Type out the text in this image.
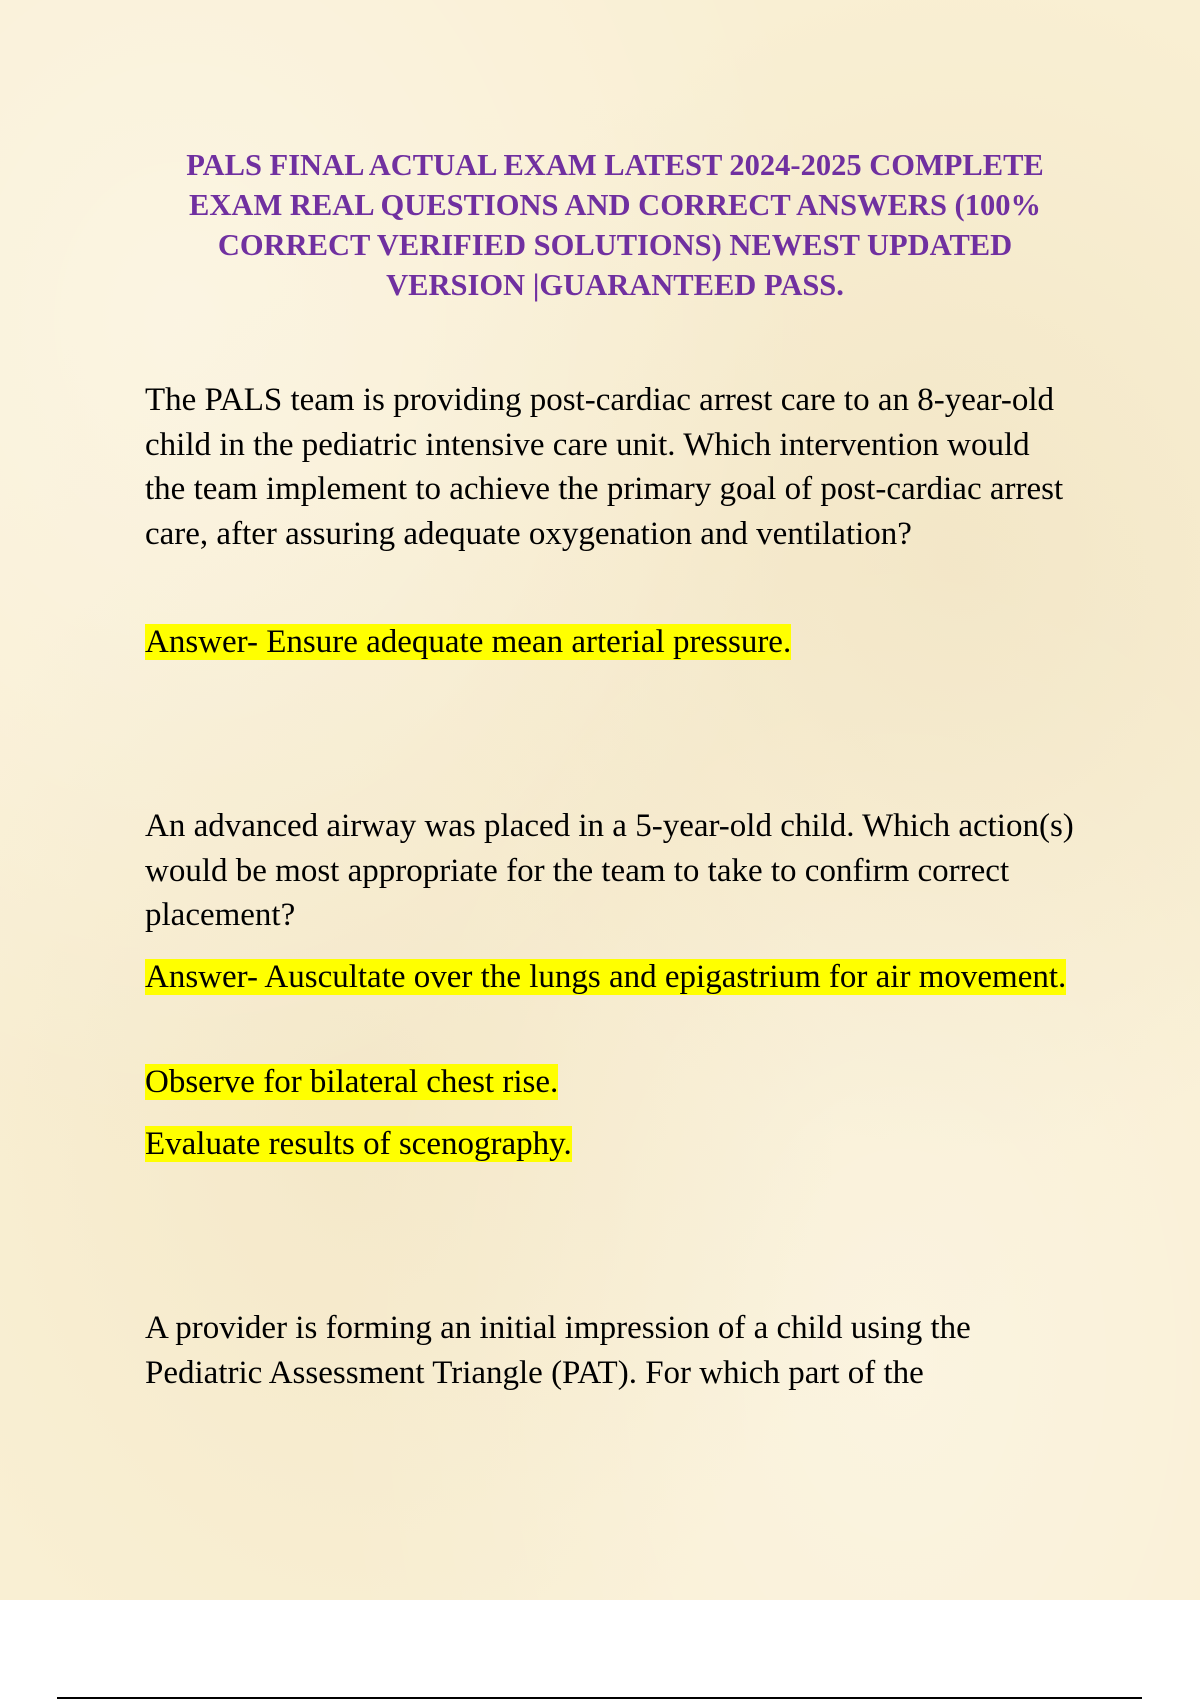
PALS FINAL ACTUAL EXAM LATEST 2024-2025 COMPLETE EXAM REAL QUESTIONS AND CORRECT ANSWERS (100% CORRECT VERIFIED SOLUTIONS) NEWEST UPDATED VERSION |GUARANTEED PASS.

The PALS team is providing post-cardiac arrest care to an 8-year-old child in the pediatric intensive care unit. Which intervention would the team implement to achieve the primary goal of post-cardiac arrest care, after assuring adequate oxygenation and ventilation?

Answer- Ensure adequate mean arterial pressure.

An advanced airway was placed in a 5-year-old child. Which action(s) would be most appropriate for the team to take to confirm correct placement?

Answer- Auscultate over the lungs and epigastrium for air movement.

Observe for bilateral chest rise.

Evaluate results of scenography.

A provider is forming an initial impression of a child using the Pediatric Assessment Triangle (PAT). For which part of the
